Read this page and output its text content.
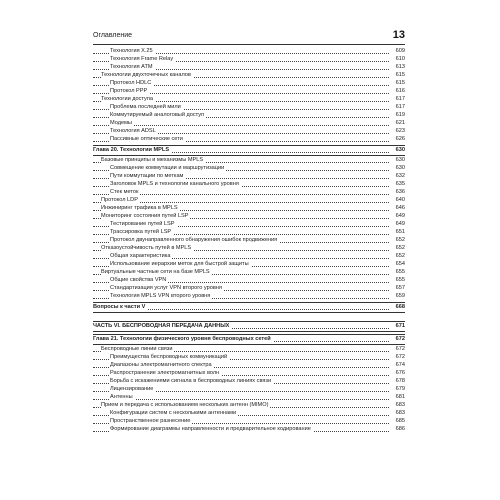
Оглавление	13
Технология X.25	609
Технология Frame Relay	610
Технология ATM	613
Технологии двухточечных каналов	615
Протокол HDLC	615
Протокол PPP	616
Технологии доступа	617
Проблема последней мили	617
Коммутируемый аналоговый доступ	619
Модемы	621
Технология ADSL	623
Пассивные оптические сети	626
Глава 20. Технологии MPLS	630
Базовые принципы и механизмы MPLS	630
Совмещение коммутации и маршрутизации	630
Пути коммутации по меткам	632
Заголовок MPLS и технологии канального уровня	635
Стек меток	636
Протокол LDP	640
Инжиниринг трафика в MPLS	646
Мониторинг состояния путей LSP	649
Тестирование путей LSP	649
Трассировка путей LSP	651
Протокол двунаправленного обнаружения ошибок продвижения	652
Отказоустойчивость путей в MPLS	652
Общая характеристика	652
Использование иерархии меток для быстрой защиты	654
Виртуальные частные сети на базе MPLS	655
Общие свойства VPN	655
Стандартизация услуг VPN второго уровня	657
Технология MPLS VPN второго уровня	659
Вопросы к части V	668
ЧАСТЬ VI. БЕСПРОВОДНАЯ ПЕРЕДАЧА ДАННЫХ	671
Глава 21. Технологии физического уровня беспроводных сетей	672
Беспроводные линии связи	672
Преимущества беспроводных коммуникаций	672
Диапазоны электромагнитного спектра	674
Распространение электромагнитных волн	676
Борьба с искажениями сигнала в беспроводных линиях связи	678
Лицензирование	679
Антенны	681
Прием и передача с использованием нескольких антенн (MIMO)	683
Конфигурации систем с несколькими антеннами	683
Пространственное разнесение	685
Формирование диаграммы направленности и предварительное кодирование	686
